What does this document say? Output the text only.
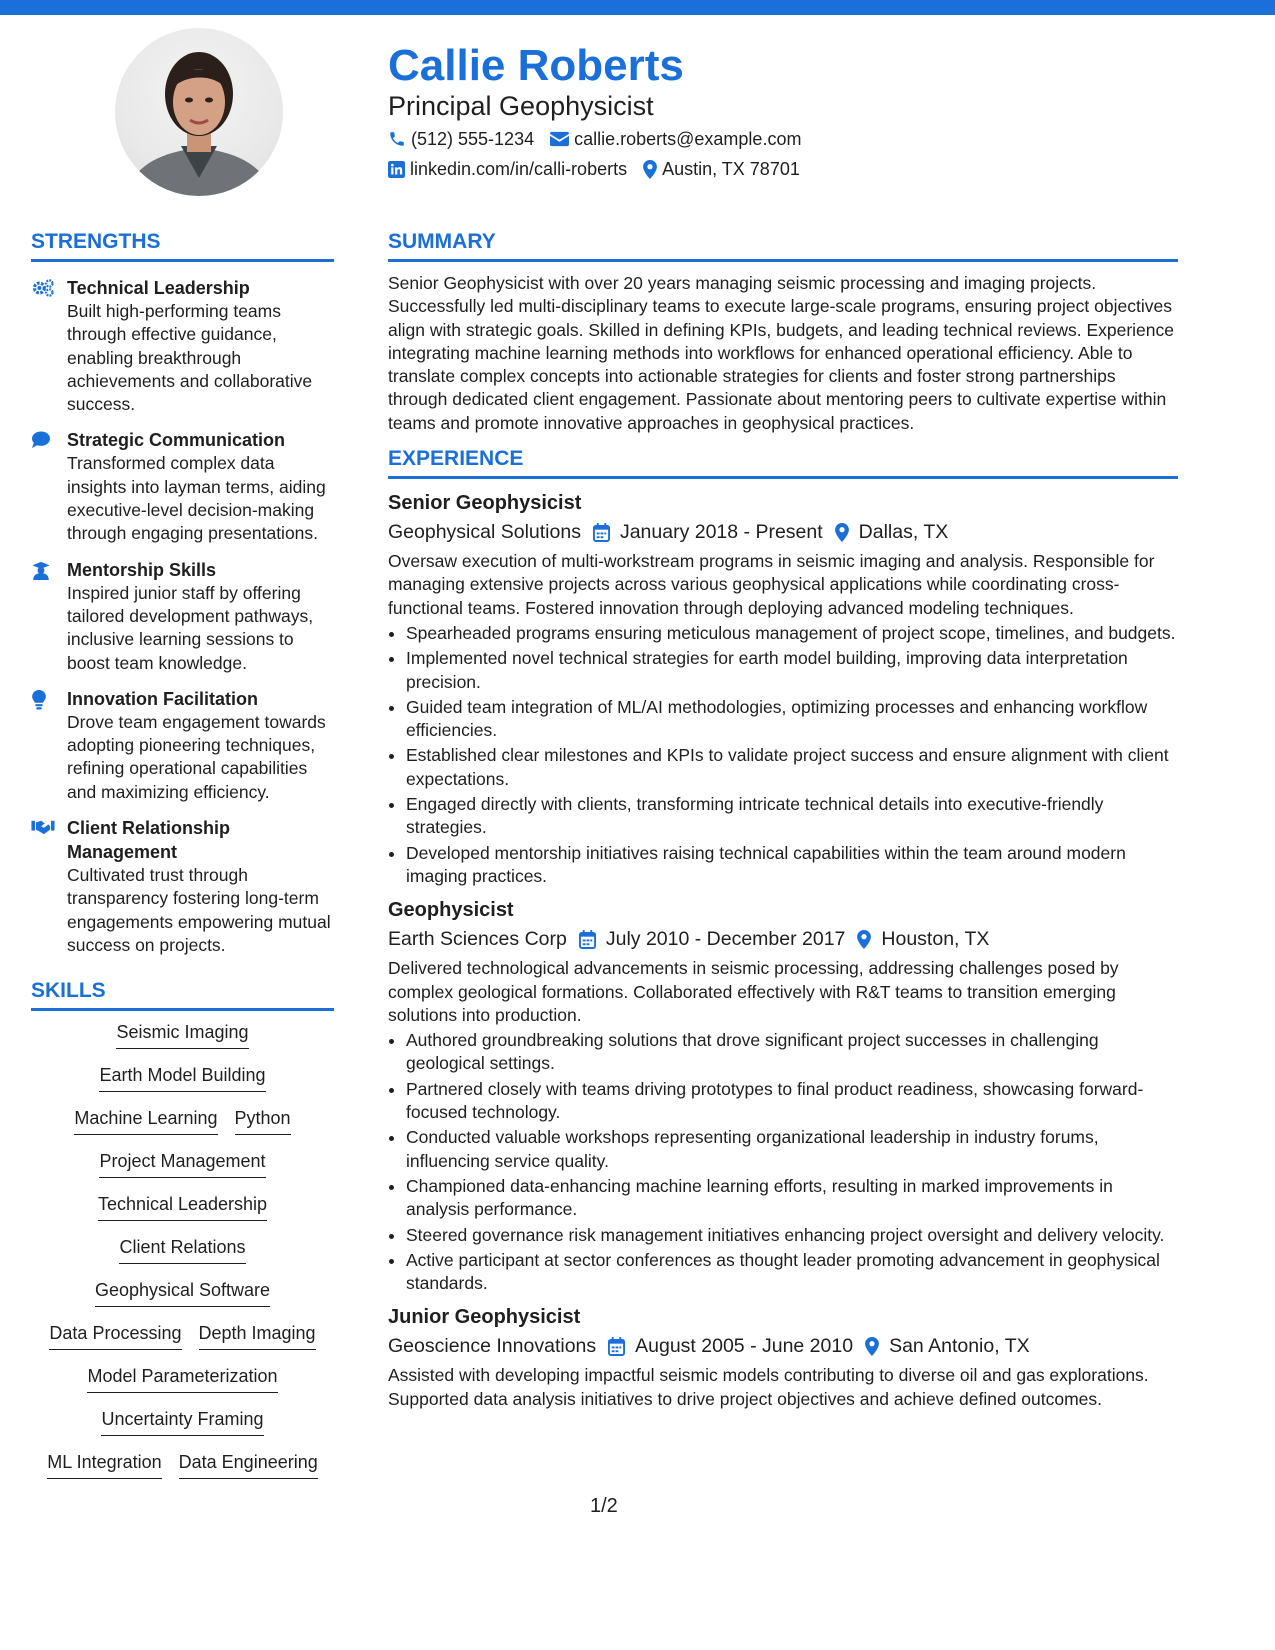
Callie Roberts
Principal Geophysicist
(512) 555-1234 callie.roberts@example.com
linkedin.com/in/calli-roberts Austin, TX 78701
STRENGTHS
Technical Leadership
Built high-performing teams through effective guidance, enabling breakthrough achievements and collaborative success.
Strategic Communication
Transformed complex data insights into layman terms, aiding executive-level decision-making through engaging presentations.
Mentorship Skills
Inspired junior staff by offering tailored development pathways, inclusive learning sessions to boost team knowledge.
Innovation Facilitation
Drove team engagement towards adopting pioneering techniques, refining operational capabilities and maximizing efficiency.
Client Relationship Management
Cultivated trust through transparency fostering long-term engagements empowering mutual success on projects.
SKILLS
Seismic Imaging
Earth Model Building
Machine Learning Python
Project Management
Technical Leadership
Client Relations
Geophysical Software
Data Processing Depth Imaging
Model Parameterization
Uncertainty Framing
ML Integration Data Engineering
SUMMARY
Senior Geophysicist with over 20 years managing seismic processing and imaging projects. Successfully led multi-disciplinary teams to execute large-scale programs, ensuring project objectives align with strategic goals. Skilled in defining KPIs, budgets, and leading technical reviews. Experience integrating machine learning methods into workflows for enhanced operational efficiency. Able to translate complex concepts into actionable strategies for clients and foster strong partnerships through dedicated client engagement. Passionate about mentoring peers to cultivate expertise within teams and promote innovative approaches in geophysical practices.
EXPERIENCE
Senior Geophysicist
Geophysical Solutions January 2018 - Present Dallas, TX
Oversaw execution of multi-workstream programs in seismic imaging and analysis. Responsible for managing extensive projects across various geophysical applications while coordinating cross-functional teams. Fostered innovation through deploying advanced modeling techniques.
• Spearheaded programs ensuring meticulous management of project scope, timelines, and budgets.
• Implemented novel technical strategies for earth model building, improving data interpretation precision.
• Guided team integration of ML/AI methodologies, optimizing processes and enhancing workflow efficiencies.
• Established clear milestones and KPIs to validate project success and ensure alignment with client expectations.
• Engaged directly with clients, transforming intricate technical details into executive-friendly strategies.
• Developed mentorship initiatives raising technical capabilities within the team around modern imaging practices.
Geophysicist
Earth Sciences Corp July 2010 - December 2017 Houston, TX
Delivered technological advancements in seismic processing, addressing challenges posed by complex geological formations. Collaborated effectively with R&T teams to transition emerging solutions into production.
• Authored groundbreaking solutions that drove significant project successes in challenging geological settings.
• Partnered closely with teams driving prototypes to final product readiness, showcasing forward-focused technology.
• Conducted valuable workshops representing organizational leadership in industry forums, influencing service quality.
• Championed data-enhancing machine learning efforts, resulting in marked improvements in analysis performance.
• Steered governance risk management initiatives enhancing project oversight and delivery velocity.
• Active participant at sector conferences as thought leader promoting advancement in geophysical standards.
Junior Geophysicist
Geoscience Innovations August 2005 - June 2010 San Antonio, TX
Assisted with developing impactful seismic models contributing to diverse oil and gas explorations. Supported data analysis initiatives to drive project objectives and achieve defined outcomes.
1/2
